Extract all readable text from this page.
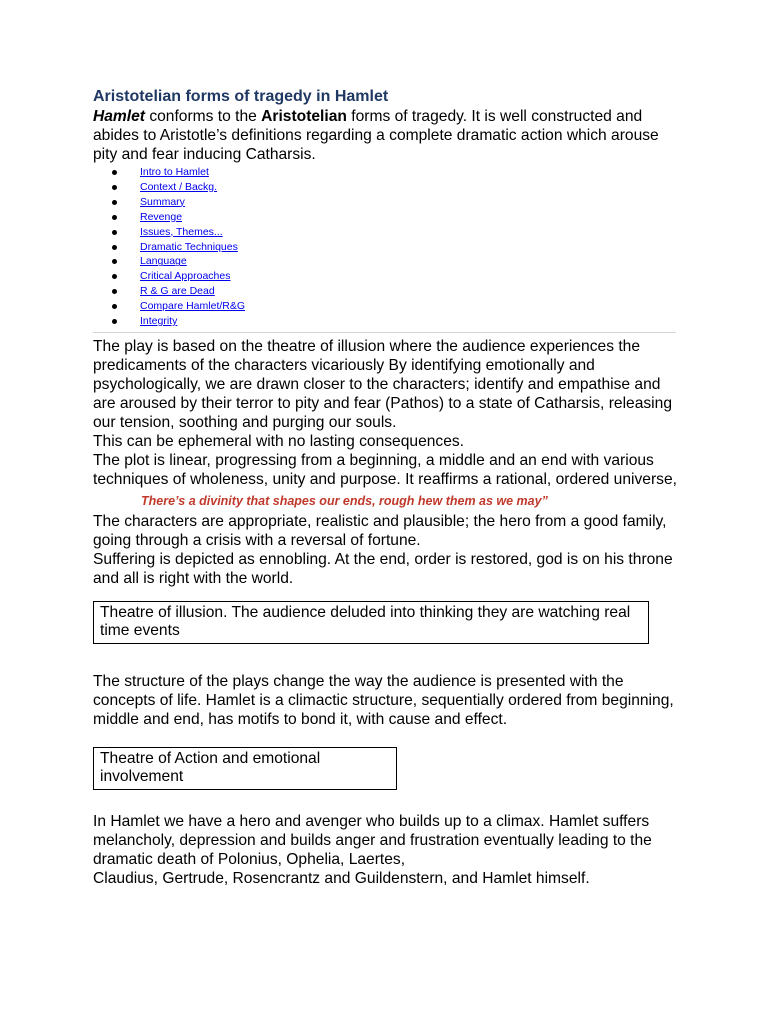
Aristotelian forms of tragedy in Hamlet

Hamlet conforms to the Aristotelian forms of tragedy. It is well constructed and abides to Aristotle’s definitions regarding a complete dramatic action which arouse pity and fear inducing Catharsis.

Intro to Hamlet
Context / Backg.
Summary
Revenge
Issues, Themes...
Dramatic Techniques
Language
Critical Approaches
R & G are Dead
Compare Hamlet/R&G
Integrity

The play is based on the theatre of illusion where the audience experiences the predicaments of the characters vicariously By identifying emotionally and psychologically, we are drawn closer to the characters; identify and empathise and are aroused by their terror to pity and fear (Pathos) to a state of Catharsis, releasing our tension, soothing and purging our souls.

This can be ephemeral with no lasting consequences.

The plot is linear, progressing from a beginning, a middle and an end with various techniques of wholeness, unity and purpose. It reaffirms a rational, ordered universe,

There’s a divinity that shapes our ends, rough hew them as we may”

The characters are appropriate, realistic and plausible; the hero from a good family, going through a crisis with a reversal of fortune.

Suffering is depicted as ennobling. At the end, order is restored, god is on his throne and all is right with the world.

Theatre of illusion. The audience deluded into thinking they are watching real time events

The structure of the plays change the way the audience is presented with the concepts of life. Hamlet is a climactic structure, sequentially ordered from beginning, middle and end, has motifs to bond it, with cause and effect.

Theatre of Action and emotional involvement

In Hamlet we have a hero and avenger who builds up to a climax. Hamlet suffers melancholy, depression and builds anger and frustration eventually leading to the dramatic death of Polonius, Ophelia, Laertes,
Claudius, Gertrude, Rosencrantz and Guildenstern, and Hamlet himself.
